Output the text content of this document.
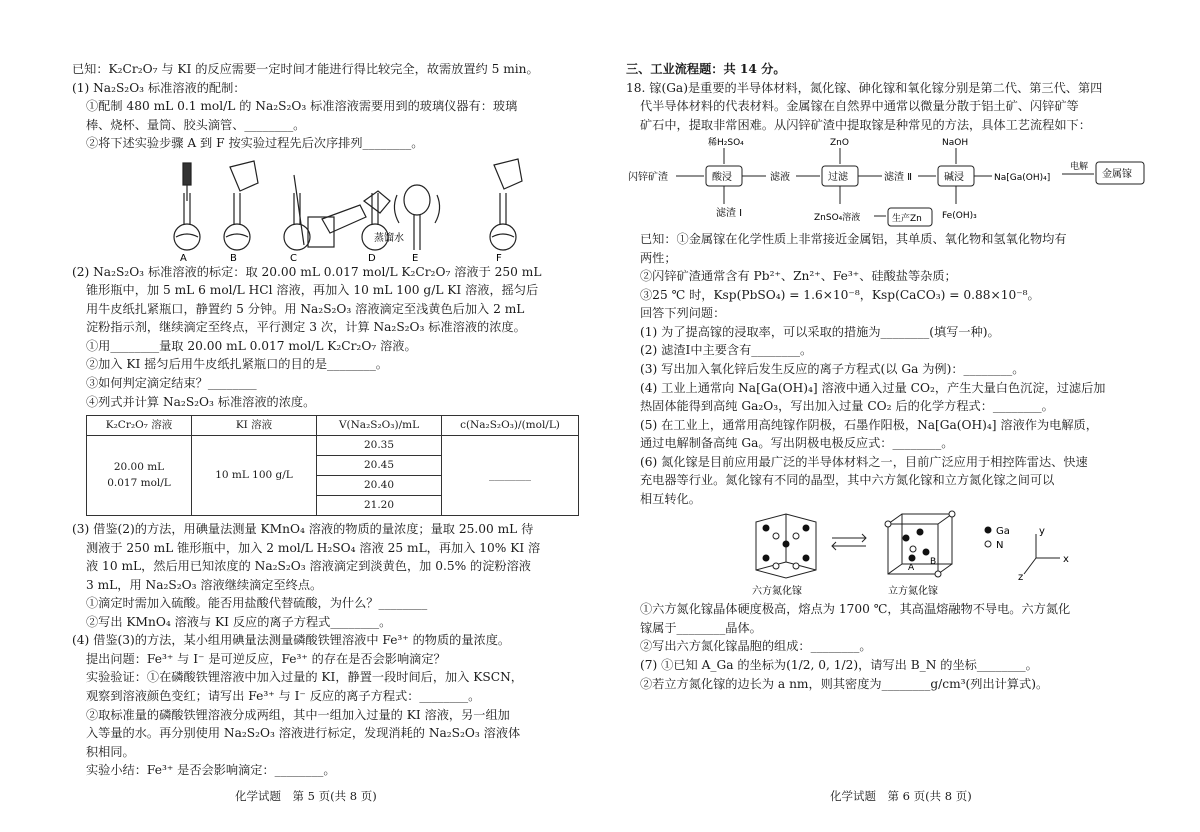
已知：K₂Cr₂O₇ 与 KI 的反应需要一定时间才能进行得比较完全，故需放置约 5 min。

(1) Na₂S₂O₃ 标准溶液的配制：

①配制 480 mL 0.1 mol/L 的 Na₂S₂O₃ 标准溶液需要用到的玻璃仪器有：玻璃

棒、烧杯、量筒、胶头滴管、________。

②将下述实验步骤 A 到 F 按实验过程先后次序排列________。

A	B	C	D	E	F
蒸馏水

(2) Na₂S₂O₃ 标准溶液的标定：取 20.00 mL 0.017 mol/L K₂Cr₂O₇ 溶液于 250 mL

锥形瓶中，加 5 mL 6 mol/L HCl 溶液，再加入 10 mL 100 g/L KI 溶液，摇匀后

用牛皮纸扎紧瓶口，静置约 5 分钟。用 Na₂S₂O₃ 溶液滴定至浅黄色后加入 2 mL

淀粉指示剂，继续滴定至终点，平行测定 3 次，计算 Na₂S₂O₃ 标准溶液的浓度。

①用________量取 20.00 mL 0.017 mol/L K₂Cr₂O₇ 溶液。

②加入 KI 摇匀后用牛皮纸扎紧瓶口的目的是________。

③如何判定滴定结束？________

④列式并计算 Na₂S₂O₃ 标准溶液的浓度。

K₂Cr₂O₇ 溶液	KI 溶液	V(Na₂S₂O₃)/mL	c(Na₂S₂O₃)/(mol/L)
20.00 mL
0.017 mol/L	10 mL 100 g/L	20.35	________
		20.45	
		20.40	
		21.20	

(3) 借鉴(2)的方法，用碘量法测量 KMnO₄ 溶液的物质的量浓度；量取 25.00 mL 待

测液于 250 mL 锥形瓶中，加入 2 mol/L H₂SO₄ 溶液 25 mL，再加入 10% KI 溶

液 10 mL，然后用已知浓度的 Na₂S₂O₃ 溶液滴定到淡黄色，加 0.5% 的淀粉溶液

3 mL，用 Na₂S₂O₃ 溶液继续滴定至终点。

①滴定时需加入硫酸。能否用盐酸代替硫酸，为什么？________

②写出 KMnO₄ 溶液与 KI 反应的离子方程式________。

(4) 借鉴(3)的方法，某小组用碘量法测量磷酸铁锂溶液中 Fe³⁺ 的物质的量浓度。

提出问题：Fe³⁺ 与 I⁻ 是可逆反应，Fe³⁺ 的存在是否会影响滴定？

实验验证：①在磷酸铁锂溶液中加入过量的 KI，静置一段时间后，加入 KSCN，

观察到溶液颜色变红；请写出 Fe³⁺ 与 I⁻ 反应的离子方程式：________。

②取标准量的磷酸铁锂溶液分成两组，其中一组加入过量的 KI 溶液，另一组加

入等量的水。再分别使用 Na₂S₂O₃ 溶液进行标定，发现消耗的 Na₂S₂O₃ 溶液体

积相同。

实验小结：Fe³⁺ 是否会影响滴定：________。

三、工业流程题：共 14 分。

18. 镓(Ga)是重要的半导体材料，氮化镓、砷化镓和氧化镓分别是第二代、第三代、第四

代半导体材料的代表材料。金属镓在自然界中通常以微量分散于铝土矿、闪锌矿等

矿石中，提取非常困难。从闪锌矿渣中提取镓是种常见的方法，具体工艺流程如下：

闪锌矿渣	酸浸
稀H₂SO₄
滤渣 Ⅰ
滤液	过滤
ZnO
ZnSO₄溶液	生产Zn
滤渣 Ⅱ	碱浸
NaOH
Fe(OH)₃
Na[Ga(OH)₄]
电解
金属镓

已知：①金属镓在化学性质上非常接近金属铝，其单质、氧化物和氢氧化物均有

两性；

②闪锌矿渣通常含有 Pb²⁺、Zn²⁺、Fe³⁺、硅酸盐等杂质；

③25 ℃ 时，Ksp(PbSO₄) = 1.6×10⁻⁸，Ksp(CaCO₃) = 0.88×10⁻⁸。

回答下列问题：

(1) 为了提高镓的浸取率，可以采取的措施为________(填写一种)。

(2) 滤渣Ⅰ中主要含有________。

(3) 写出加入氧化锌后发生反应的离子方程式(以 Ga 为例)：________。

(4) 工业上通常向 Na[Ga(OH)₄] 溶液中通入过量 CO₂，产生大量白色沉淀，过滤后加

热固体能得到高纯 Ga₂O₃，写出加入过量 CO₂ 后的化学方程式：________。

(5) 在工业上，通常用高纯镓作阴极，石墨作阳极，Na[Ga(OH)₄] 溶液作为电解质，

通过电解制备高纯 Ga。写出阴极电极反应式：________。

(6) 氮化镓是目前应用最广泛的半导体材料之一，目前广泛应用于相控阵雷达、快速

充电器等行业。氮化镓有不同的晶型，其中六方氮化镓和立方氮化镓之间可以

相互转化。

Ga
N
y
x
z
A
B
六方氮化镓	立方氮化镓

①六方氮化镓晶体硬度极高，熔点为 1700 ℃，其高温熔融物不导电。六方氮化

镓属于________晶体。

②写出六方氮化镓晶胞的组成：________。

(7) ①已知 A_Ga 的坐标为(1/2, 0, 1/2)，请写出 B_N 的坐标________。

②若立方氮化镓的边长为 a nm，则其密度为________g/cm³(列出计算式)。

化学试题　第 5 页(共 8 页)	化学试题　第 6 页(共 8 页)
